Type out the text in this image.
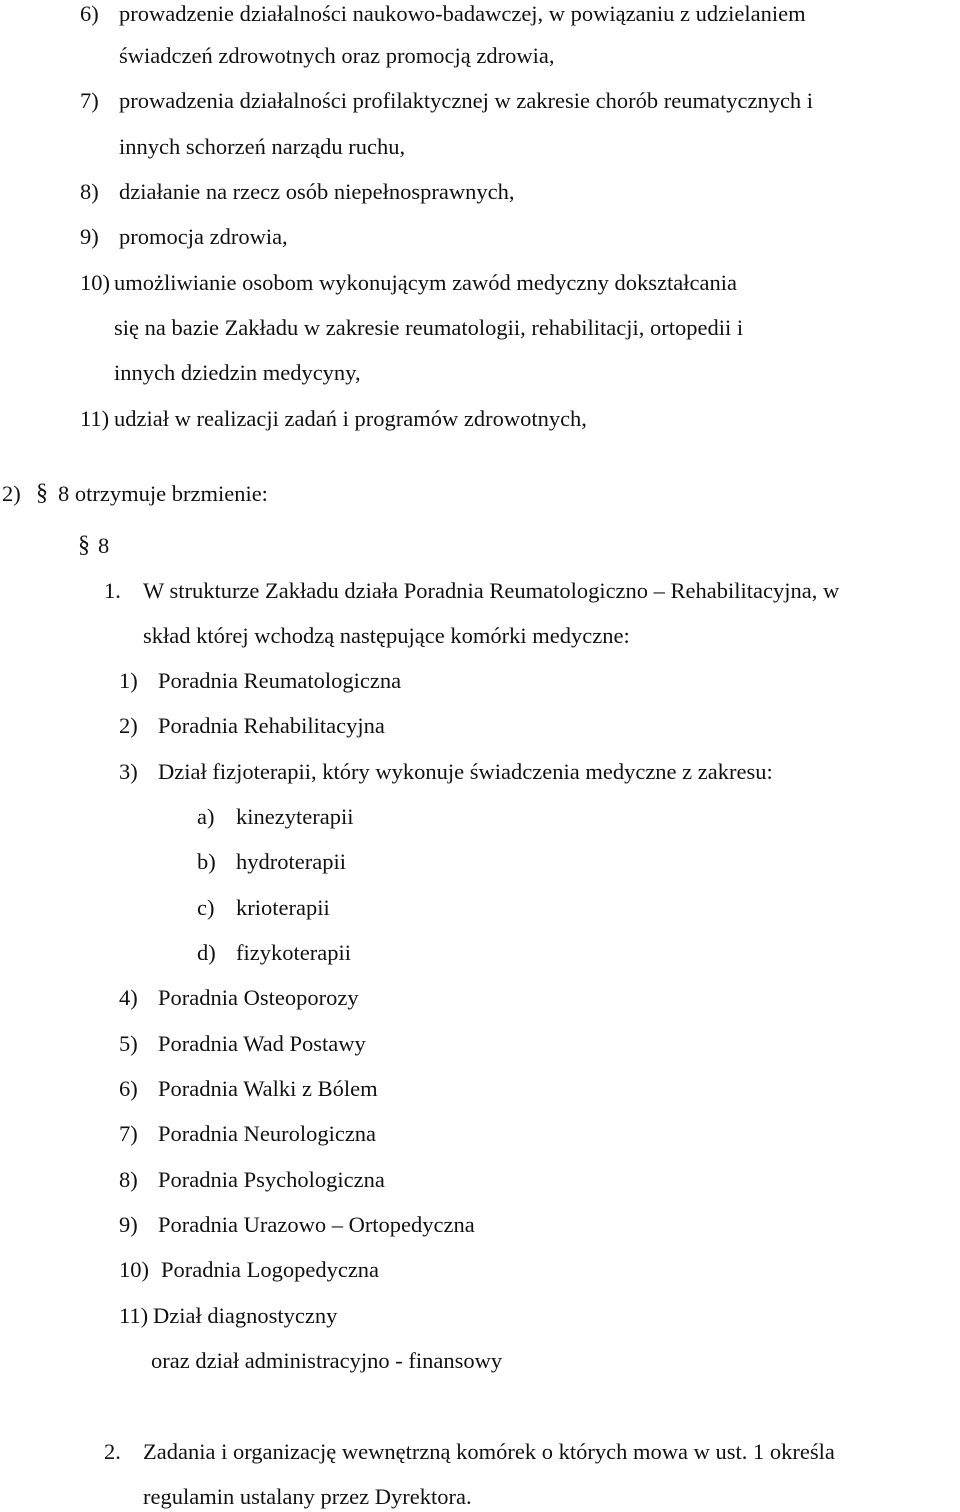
6) prowadzenie działalności naukowo-badawczej, w powiązaniu z udzielaniem
świadczeń zdrowotnych oraz promocją zdrowia,
7) prowadzenia działalności profilaktycznej w zakresie chorób reumatycznych i
innych schorzeń narządu ruchu,
8) działanie na rzecz osób niepełnosprawnych,
9) promocja zdrowia,
10) umożliwianie osobom wykonującym zawód medyczny dokształcania
się na bazie Zakładu w zakresie reumatologii, rehabilitacji, ortopedii i
innych dziedzin medycyny,
11) udział w realizacji zadań i programów zdrowotnych,
2) § 8 otrzymuje brzmienie:
§ 8
1. W strukturze Zakładu działa Poradnia Reumatologiczno – Rehabilitacyjna, w
skład której wchodzą następujące komórki medyczne:
1) Poradnia Reumatologiczna
2) Poradnia Rehabilitacyjna
3) Dział fizjoterapii, który wykonuje świadczenia medyczne z zakresu:
a) kinezyterapii
b) hydroterapii
c) krioterapii
d) fizykoterapii
4) Poradnia Osteoporozy
5) Poradnia Wad Postawy
6) Poradnia Walki z Bólem
7) Poradnia Neurologiczna
8) Poradnia Psychologiczna
9) Poradnia Urazowo – Ortopedyczna
10) Poradnia Logopedyczna
11) Dział diagnostyczny
oraz dział administracyjno - finansowy
2. Zadania i organizację wewnętrzną komórek o których mowa w ust. 1 określa
regulamin ustalany przez Dyrektora.
